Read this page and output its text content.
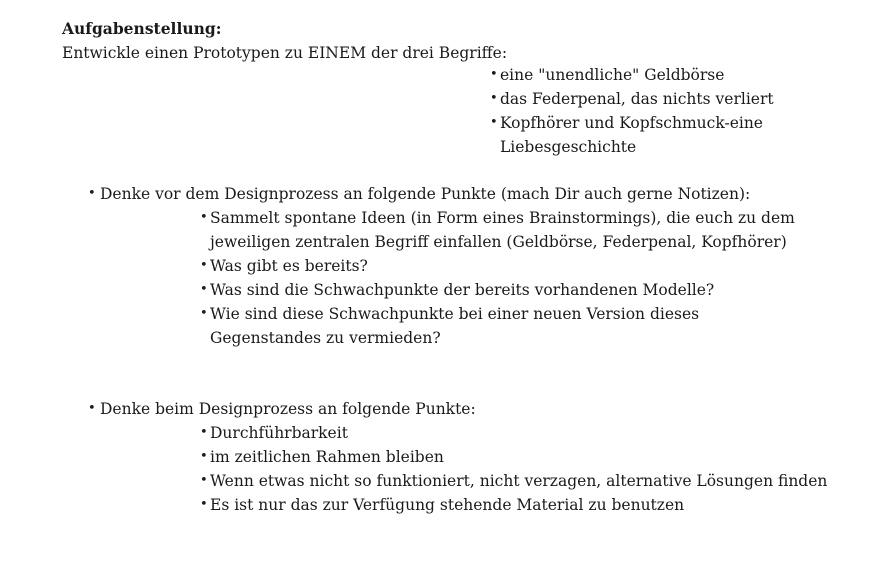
Aufgabenstellung:

Entwickle einen Prototypen zu EINEM der drei Begriffe:

• eine "unendliche" Geldbörse
• das Federpenal, das nichts verliert
• Kopfhörer und Kopfschmuck-eine Liebesgeschichte
• Denke vor dem Designprozess an folgende Punkte (mach Dir auch gerne Notizen):
• Sammelt spontane Ideen (in Form eines Brainstormings), die euch zu dem jeweiligen zentralen Begriff einfallen (Geldbörse, Federpenal, Kopfhörer)
• Was gibt es bereits?
• Was sind die Schwachpunkte der bereits vorhandenen Modelle?
• Wie sind diese Schwachpunkte bei einer neuen Version dieses Gegenstandes zu vermieden?
• Denke beim Designprozess an folgende Punkte:
• Durchführbarkeit
• im zeitlichen Rahmen bleiben
• Wenn etwas nicht so funktioniert, nicht verzagen, alternative Lösungen finden
• Es ist nur das zur Verfügung stehende Material zu benutzen
